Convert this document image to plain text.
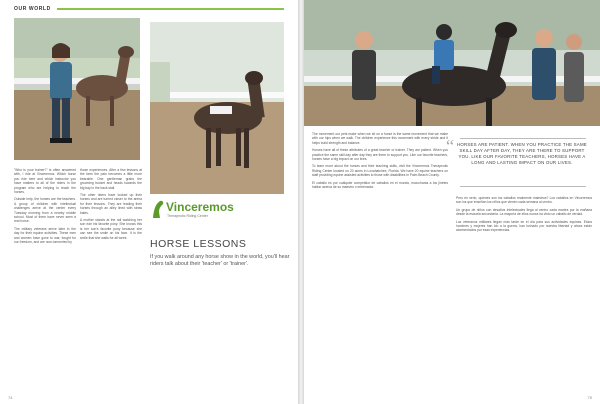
OUR WORLD
Vinceremos
Therapeutic Riding Center
HORSE LESSONS
If you walk around any horse show in the world, you'll hear riders talk about their 'teacher' or 'trainer'.

"Who is your trainer?" is often answered with, I ride at Vinceremos. Which horse you ride here and which instructor you have matters to all of the riders in the program who are helping to teach the horses.

Outside help, the horses are the teachers. A group of children with intellectual challenges arrive at the center every Tuesday morning from a nearby middle school. Most of them have never seen a real horse.

The military veterans arrive later in the day for their equine activities. These men and women have gone to war, fought for our freedom, and are now tormented by

those experiences. After a few lessons at the farm the pain becomes a little more bearable. One gentleman grabs the grooming bucket and heads towards the big bay in the back stall.

The other riders have looked up their horses and are turned closer to the arena for their lessons. They are leading their horses through an alley lined with straw bales.

A mother stands at the rail watching her son ride his favorite pony. She knows this is her son's favorite pony because she can see the smile on his face. It is the smile that she waits for all week.

74
“ HORSES ARE PATIENT. WHEN YOU PRACTICE THE SAME SKILL DAY AFTER DAY, THEY ARE THERE TO SUPPORT YOU. LIKE OUR FAVORITE TEACHERS, HORSES HAVE A LONG AND LASTING IMPACT ON OUR LIVES.

The movement our pets make when we sit on a horse is the same movement that we make with our hips when we walk. The children experience this movement with every stride and it helps build strength and balance.

Horses have all of these attributes of a great teacher or trainer. They are patient. When you practice the same skill day after day they are there to support you. Like our favorite teachers, horses have a big impact on our lives.

To learn more about the horses and their teaching skills, visit the Vinceremos Therapeutic Riding Center located on 20 acres in Loxahatchee, Florida. We have 20 equine teachers on staff providing equine assisted activities to those with disabilities in Palm Beach County.

El caballo es por cualquier competidor de caballos en el mundo, escucharas a los jinetes hablar acerca de su maestro o entrenador.

Pero en serio, quienes son los caballos realmente maestros? Los caballos en Vinceremos son los que enseñan los niños que vienen cada semana al centro.

Un grupo de niños con desafíos intelectuales llega al centro cada martes por la mañana desde la escuela secundaria. La mayoría de ellos nunca ha visto un caballo de verdad.

Los veteranos militares llegan más tarde en el día para sus actividades equinas. Estos hombres y mujeres han ido a la guerra, han luchado por nuestra libertad y ahora están atormentados por esas experiencias.

75
